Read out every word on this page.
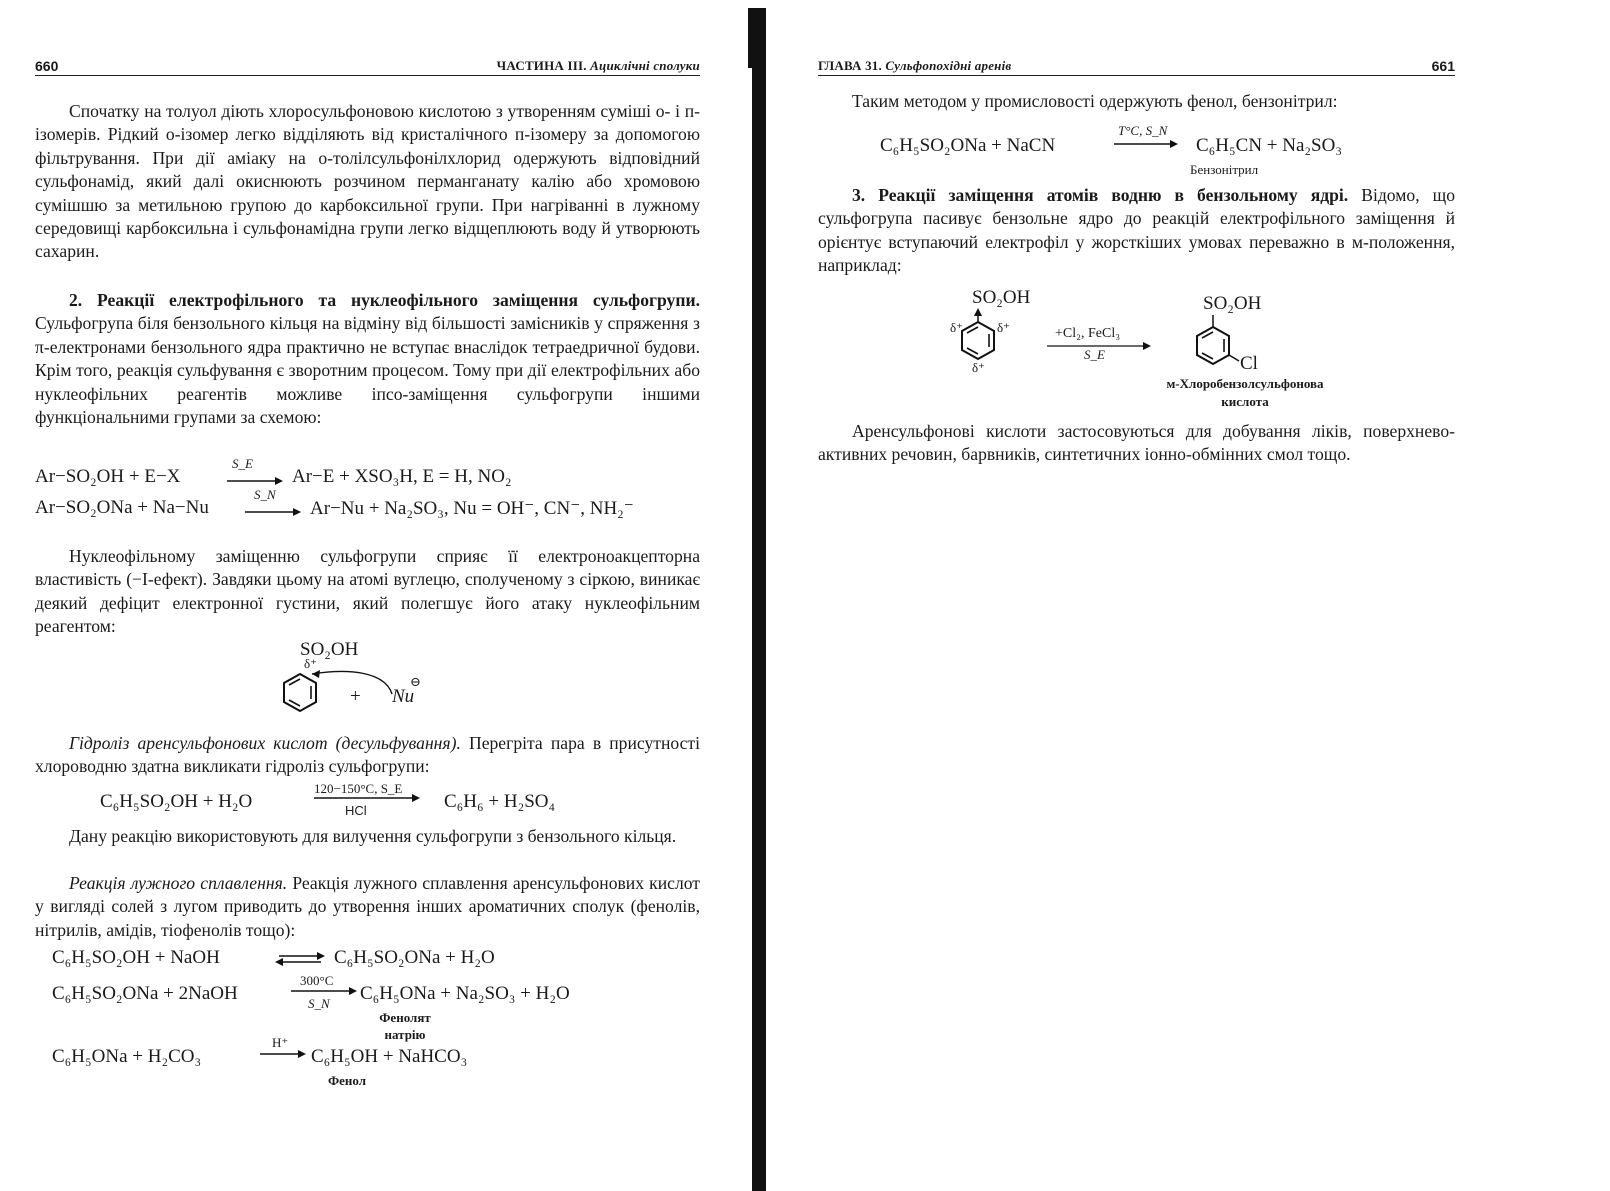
660	ЧАСТИНА III. Ациклічні сполуки
Спочатку на толуол діють хлоросульфоновою кислотою з утворенням суміші о- і п-ізомерів. Рідкий о-ізомер легко відділяють від кристалічного п-ізомеру за допомогою фільтрування. При дії аміаку на о-толілсульфонілхлорид одержують відповідний сульфонамід, який далі окиснюють розчином перманганату калію або хромовою сумішшю за метильною групою до карбоксильної групи. При нагріванні в лужному середовищі карбоксильна і сульфонамідна групи легко відщеплюють воду й утворюють сахарин.
2. Реакції електрофільного та нуклеофільного заміщення сульфогрупи. Сульфогрупа біля бензольного кільця на відміну від більшості замісників у спряження з π-електронами бензольного ядра практично не вступає внаслідок тетраедричної будови. Крім того, реакція сульфування є зворотним процесом. Тому при дії електрофільних або нуклеофільних реагентів можливе іпсо-заміщення сульфогрупи іншими функціональними групами за схемою:
Ar−SO₂OH + E−X
S_E
Ar−E + XSO₃H, E = H, NO₂
Ar−SO₂ONa + Na−Nu
S_N
Ar−Nu + Na₂SO₃, Nu = OH⁻, CN⁻, NH₂⁻
Нуклеофільному заміщенню сульфогрупи сприяє її електроноакцепторна властивість (−I-ефект). Завдяки цьому на атомі вуглецю, сполученому з сіркою, виникає деякий дефіцит електронної густини, який полегшує його атаку нуклеофільним реагентом:
SO₂OH
δ⁺
+ Nu
⊖
Гідроліз аренсульфонових кислот (десульфування). Перегріта пара в присутності хлороводню здатна викликати гідроліз сульфогрупи:
C₆H₅SO₂OH + H₂O
120−150°C, S_E
HCl	C₆H₆ + H₂SO₄
Дану реакцію використовують для вилучення сульфогрупи з бензольного кільця.
Реакція лужного сплавлення. Реакція лужного сплавлення аренсульфонових кислот у вигляді солей з лугом приводить до утворення інших ароматичних сполук (фенолів, нітрилів, амідів, тіофенолів тощо):
C₆H₅SO₂OH + NaOH	⇌ C₆H₅SO₂ONa + H₂O
C₆H₅SO₂ONa + 2NaOH
300°C
S_N C₆H₅ONa + Na₂SO₃ + H₂O
Фенолят натрію
C₆H₅ONa + H₂CO₃
H⁺
→ C₆H₅OH + NaHCO₃
Фенол
ГЛАВА 31. Сульфопохідні аренів	661
Таким методом у промисловості одержують фенол, бензонітрил:
C₆H₅SO₂ONa + NaCN
T°C, S_N
C₆H₅CN + Na₂SO₃
Бензонітрил
3. Реакції заміщення атомів водню в бензольному ядрі. Відомо, що сульфогрупа пасивує бензольне ядро до реакцій електрофільного заміщення й орієнтує вступаючий електрофіл у жорсткіших умовах переважно в м-положення, наприклад:
SO₂OH
δ⁺	δ⁺
δ⁺
+Cl₂, FeCl₃
S_E
SO₂OH
Cl
м-Хлоробензолсульфонова кислота
Аренсульфонові кислоти застосовуються для добування ліків, поверхнево-активних речовин, барвників, синтетичних іонно-обмінних смол тощо.
